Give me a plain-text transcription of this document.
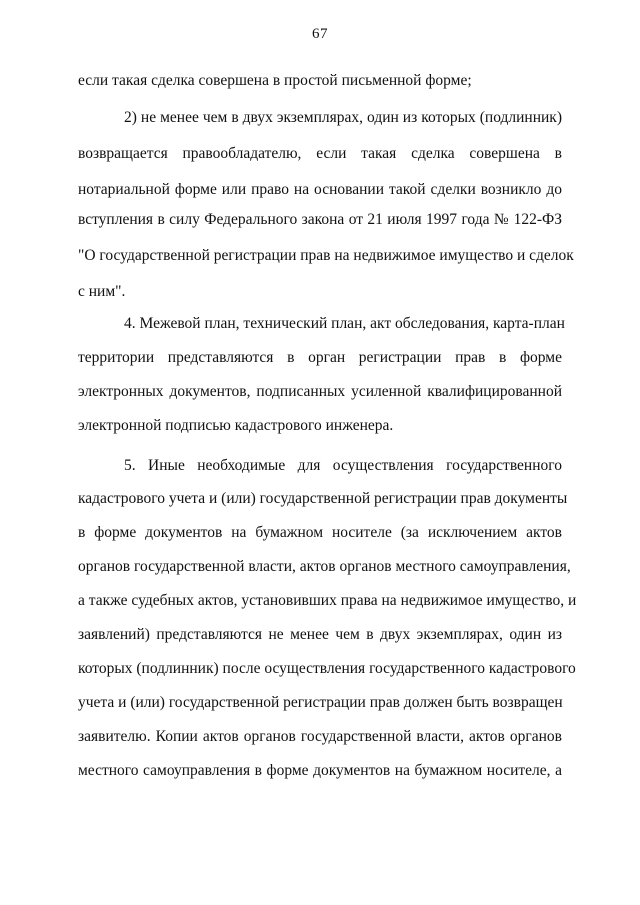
67
если такая сделка совершена в простой письменной форме;
2) не менее чем в двух экземплярах, один из которых (подлинник)
возвращается правообладателю, если такая сделка совершена в
нотариальной форме или право на основании такой сделки возникло до
вступления в силу Федерального закона от 21 июля 1997 года № 122-ФЗ
"О государственной регистрации прав на недвижимое имущество и сделок
с ним".
4. Межевой план, технический план, акт обследования, карта-план
территории представляются в орган регистрации прав в форме
электронных документов, подписанных усиленной квалифицированной
электронной подписью кадастрового инженера.
5. Иные необходимые для осуществления государственного
кадастрового учета и (или) государственной регистрации прав документы
в форме документов на бумажном носителе (за исключением актов
органов государственной власти, актов органов местного самоуправления,
а также судебных актов, установивших права на недвижимое имущество, и
заявлений) представляются не менее чем в двух экземплярах, один из
которых (подлинник) после осуществления государственного кадастрового
учета и (или) государственной регистрации прав должен быть возвращен
заявителю. Копии актов органов государственной власти, актов органов
местного самоуправления в форме документов на бумажном носителе, а
